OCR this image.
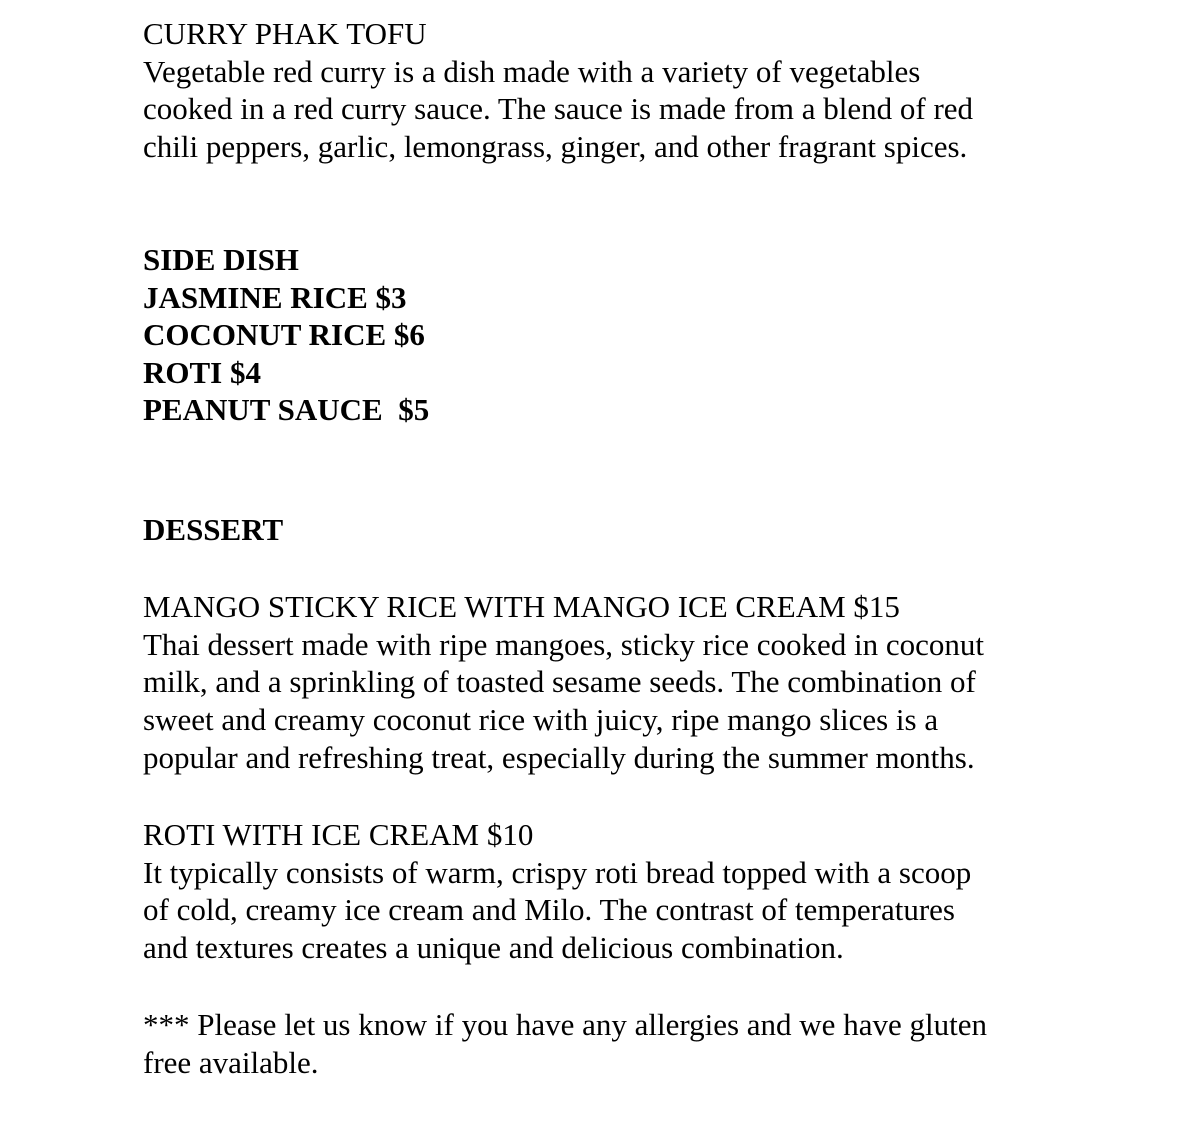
CURRY PHAK TOFU
Vegetable red curry is a dish made with a variety of vegetables
cooked in a red curry sauce. The sauce is made from a blend of red
chili peppers, garlic, lemongrass, ginger, and other fragrant spices.
SIDE DISH
JASMINE RICE $3
COCONUT RICE $6
ROTI $4
PEANUT SAUCE  $5
DESSERT
MANGO STICKY RICE WITH MANGO ICE CREAM $15
Thai dessert made with ripe mangoes, sticky rice cooked in coconut
milk, and a sprinkling of toasted sesame seeds. The combination of
sweet and creamy coconut rice with juicy, ripe mango slices is a
popular and refreshing treat, especially during the summer months.
ROTI WITH ICE CREAM $10
It typically consists of warm, crispy roti bread topped with a scoop
of cold, creamy ice cream and Milo. The contrast of temperatures
and textures creates a unique and delicious combination.
*** Please let us know if you have any allergies and we have gluten
free available.
